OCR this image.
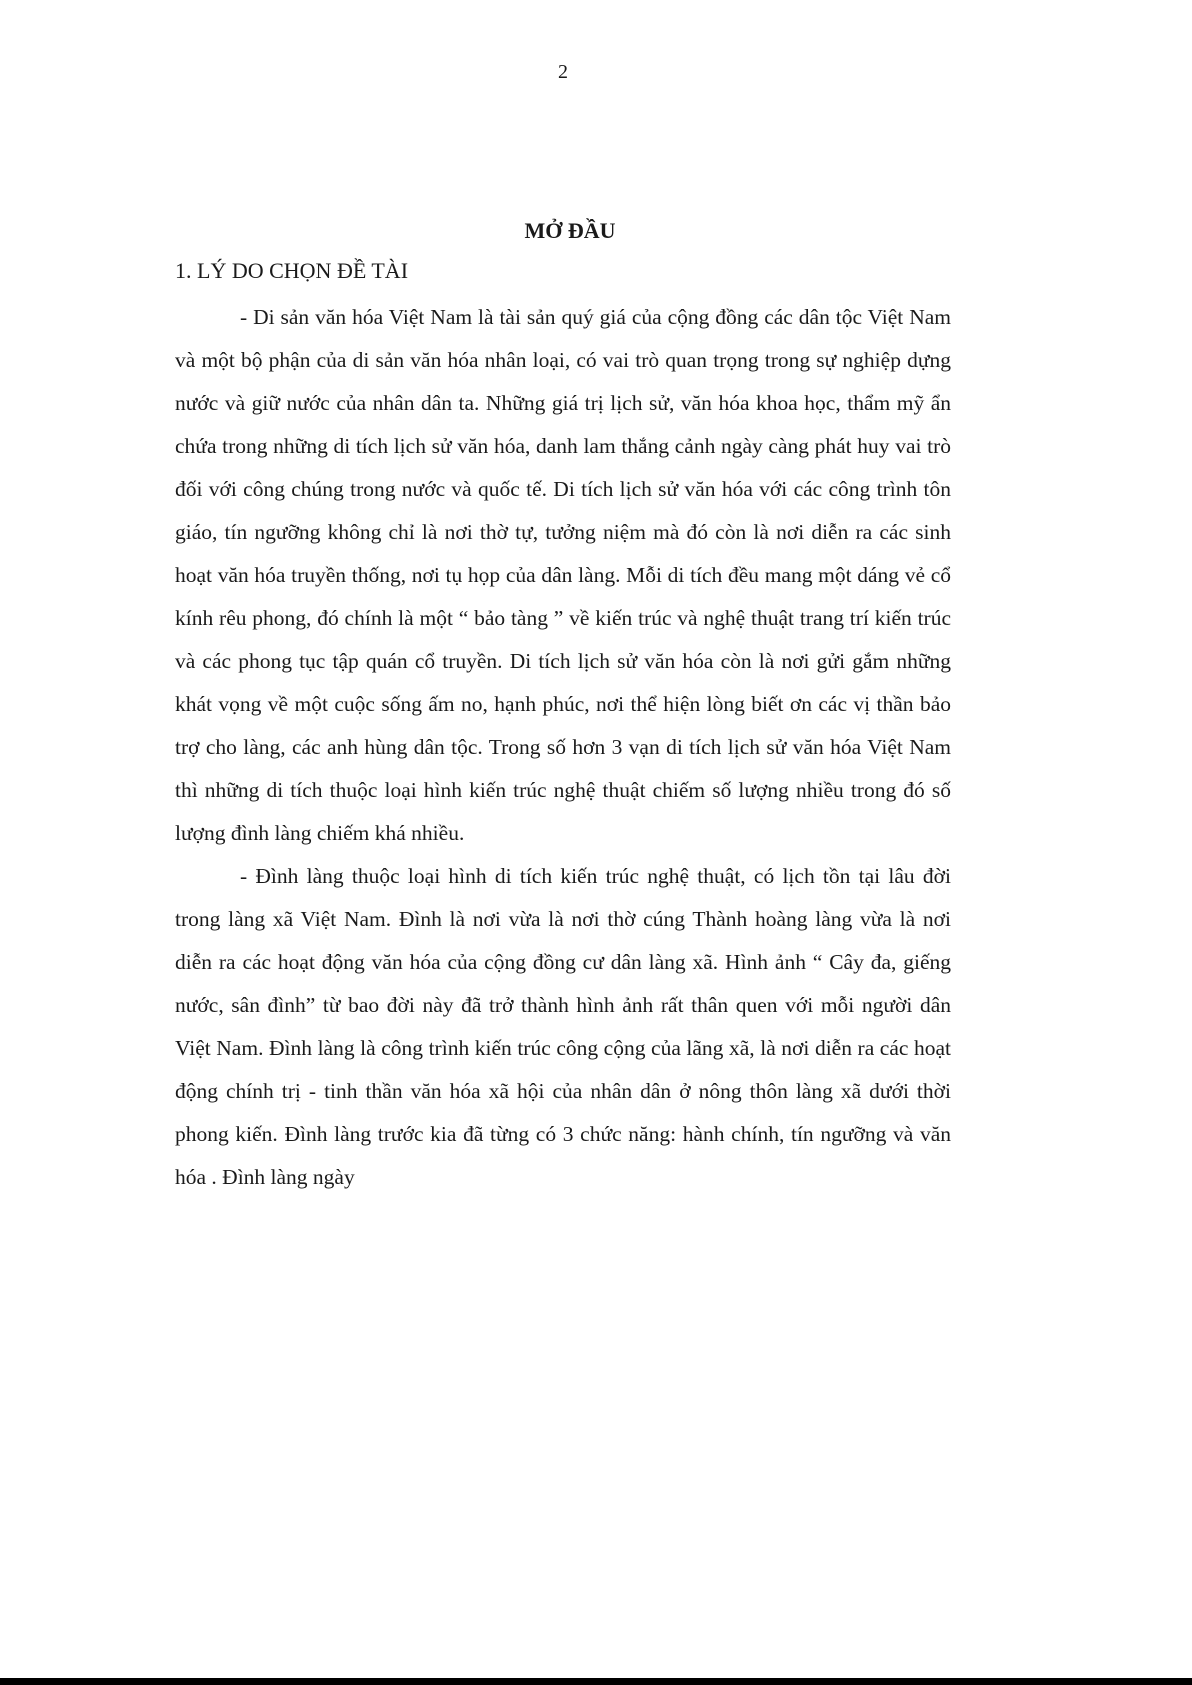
2
MỞ ĐẦU
1. LÝ DO CHỌN ĐỀ TÀI

- Di sản văn hóa Việt Nam là tài sản quý giá của cộng đồng các dân tộc Việt Nam và một bộ phận của di sản văn hóa nhân loại, có vai trò quan trọng trong sự nghiệp dựng nước và giữ nước của nhân dân ta. Những giá trị lịch sử, văn hóa khoa học, thẩm mỹ ẩn chứa trong những di tích lịch sử văn hóa, danh lam thắng cảnh ngày càng phát huy vai trò đối với công chúng trong nước và quốc tế. Di tích lịch sử văn hóa với các công trình tôn giáo, tín ngưỡng không chỉ là nơi thờ tự, tưởng niệm mà đó còn là nơi diễn ra các sinh hoạt văn hóa truyền thống, nơi tụ họp của dân làng. Mỗi di tích đều mang một dáng vẻ cổ kính rêu phong, đó chính là một “ bảo tàng ” về kiến trúc và nghệ thuật trang trí kiến trúc và các phong tục tập quán cổ truyền. Di tích lịch sử văn hóa còn là nơi gửi gắm những khát vọng về một cuộc sống ấm no, hạnh phúc, nơi thể hiện lòng biết ơn các vị thần bảo trợ cho làng, các anh hùng dân tộc. Trong số hơn 3 vạn di tích lịch sử văn hóa Việt Nam thì những di tích thuộc loại hình kiến trúc nghệ thuật chiếm số lượng nhiều trong đó số lượng đình làng chiếm khá nhiều.

- Đình làng thuộc loại hình di tích kiến trúc nghệ thuật, có lịch tồn tại lâu đời trong làng xã Việt Nam. Đình là nơi vừa là nơi thờ cúng Thành hoàng làng vừa là nơi diễn ra các hoạt động văn hóa của cộng đồng cư dân làng xã. Hình ảnh “ Cây đa, giếng nước, sân đình” từ bao đời này đã trở thành hình ảnh rất thân quen với mỗi người dân Việt Nam. Đình làng là công trình kiến trúc công cộng của lãng xã, là nơi diễn ra các hoạt động chính trị - tinh thần văn hóa xã hội của nhân dân ở nông thôn làng xã dưới thời phong kiến. Đình làng trước kia đã từng có 3 chức năng: hành chính, tín ngưỡng và văn hóa . Đình làng ngày
